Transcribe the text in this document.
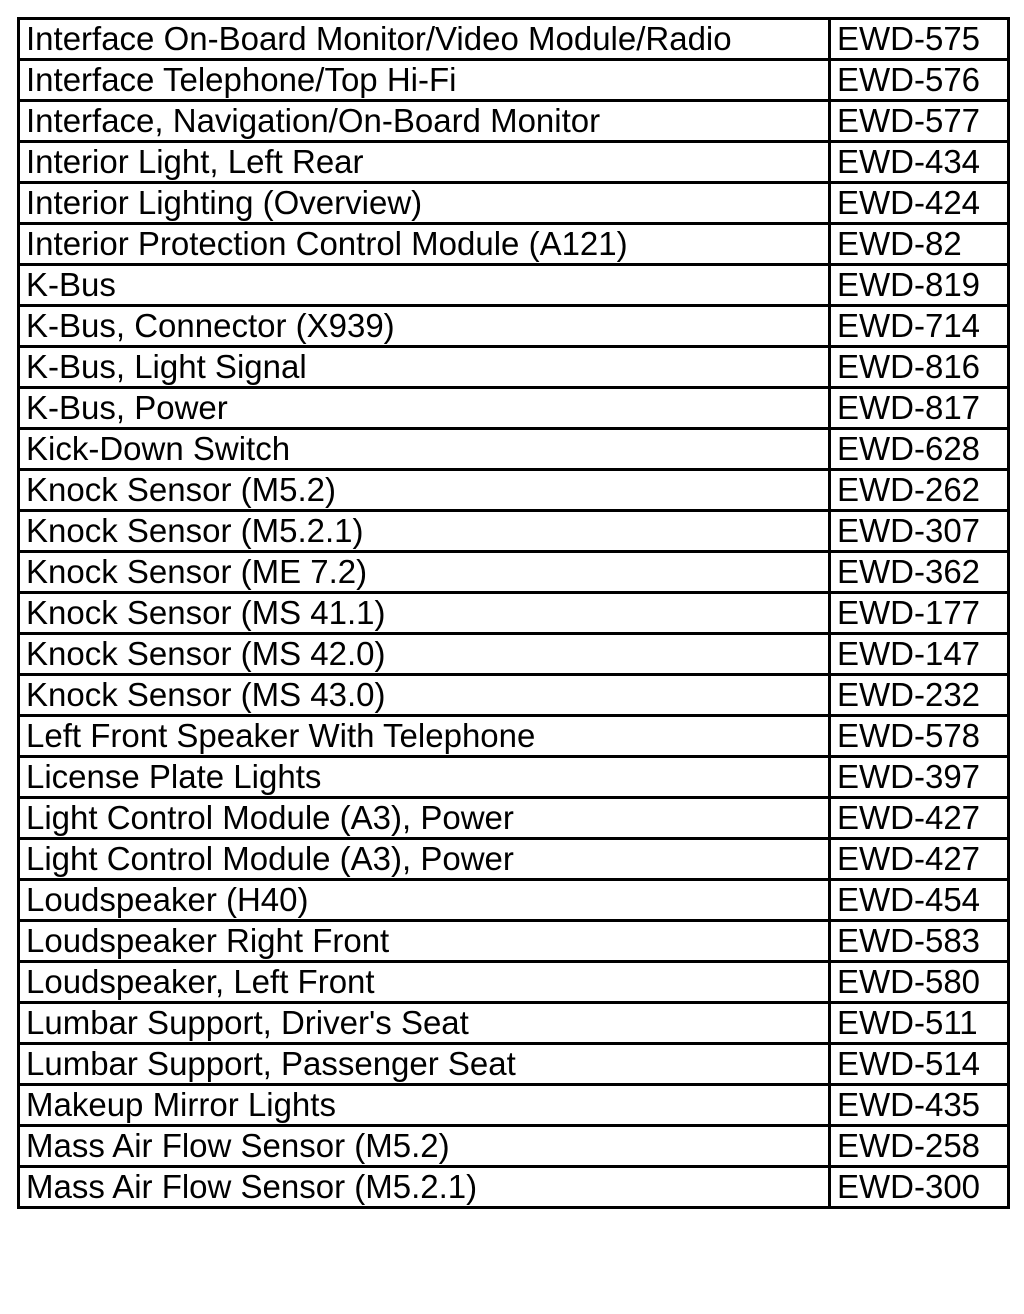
Interface On-Board Monitor/Video Module/Radio	EWD-575
Interface Telephone/Top Hi-Fi	EWD-576
Interface, Navigation/On-Board Monitor	EWD-577
Interior Light, Left Rear	EWD-434
Interior Lighting (Overview)	EWD-424
Interior Protection Control Module (A121)	EWD-82
K-Bus	EWD-819
K-Bus, Connector (X939)	EWD-714
K-Bus, Light Signal	EWD-816
K-Bus, Power	EWD-817
Kick-Down Switch	EWD-628
Knock Sensor (M5.2)	EWD-262
Knock Sensor (M5.2.1)	EWD-307
Knock Sensor (ME 7.2)	EWD-362
Knock Sensor (MS 41.1)	EWD-177
Knock Sensor (MS 42.0)	EWD-147
Knock Sensor (MS 43.0)	EWD-232
Left Front Speaker With Telephone	EWD-578
License Plate Lights	EWD-397
Light Control Module (A3), Power	EWD-427
Light Control Module (A3), Power	EWD-427
Loudspeaker (H40)	EWD-454
Loudspeaker Right Front	EWD-583
Loudspeaker, Left Front	EWD-580
Lumbar Support, Driver's Seat	EWD-511
Lumbar Support, Passenger Seat	EWD-514
Makeup Mirror Lights	EWD-435
Mass Air Flow Sensor (M5.2)	EWD-258
Mass Air Flow Sensor (M5.2.1)	EWD-300
